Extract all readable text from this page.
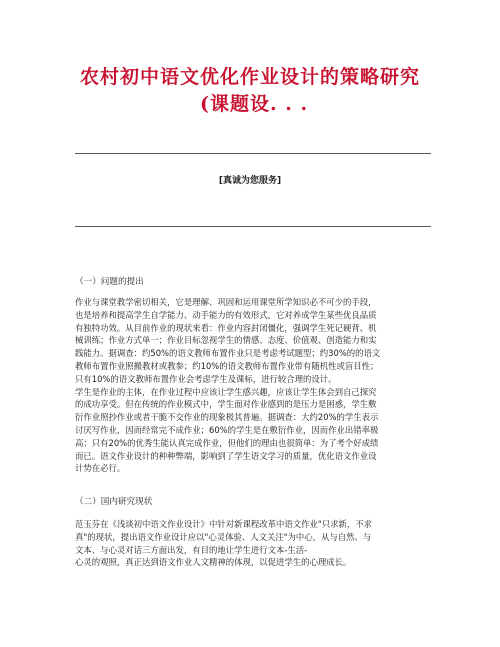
农村初中语文优化作业设计的策略研究
(课题设. . .
[真诚为您服务]
（一）问题的提出

作业与课堂教学密切相关，它是理解、巩固和运用课堂所学知识必不可少的手段，
也是培养和提高学生自学能力、动手能力的有效形式，它对养成学生某些优良品质
有独特功效。从目前作业的现状来看：作业内容封闭僵化，强调学生死记硬背、机
械训练；作业方式单一；作业目标忽视学生的情感、态度、价值观、创造能力和实
践能力。据调查：约50%的语文教师布置作业只是考虑考试题型；约30%的的语文
教师布置作业照搬教材或教参；约10%的语文教师布置作业带有随机性或盲目性；
只有10%的语文教师布置作业会考虑学生及课标，进行较合理的设计。

学生是作业的主体，在作业过程中应该让学生感兴趣，应该让学生体会到自己探究
的成功享受。但在传统的作业模式中，学生面对作业感到的是压力是困惑，学生敷
衍作业照抄作业或者干脆不交作业的现象极其普遍。据调查：大约20%的学生表示
讨厌写作业，因而经常完不成作业；60%的学生是在敷衍作业，因而作业出错率极
高；只有20%的优秀生能认真完成作业，但他们的理由也很简单：为了考个好成绩
而已。语文作业设计的种种弊端，影响到了学生语文学习的质量，优化语文作业设
计势在必行。

（二）国内研究现状

范玉芬在《浅谈初中语文作业设计》中针对新课程改革中语文作业"只求新，不求
真"的现状，提出语文作业设计应以"心灵体验、人文关注"为中心，从与自然、与
文本、与心灵对话三方面出发，有目的地让学生进行文本-生活-
心灵的观照，真正达到语文作业人文精神的体现，以促进学生的心理成长。
